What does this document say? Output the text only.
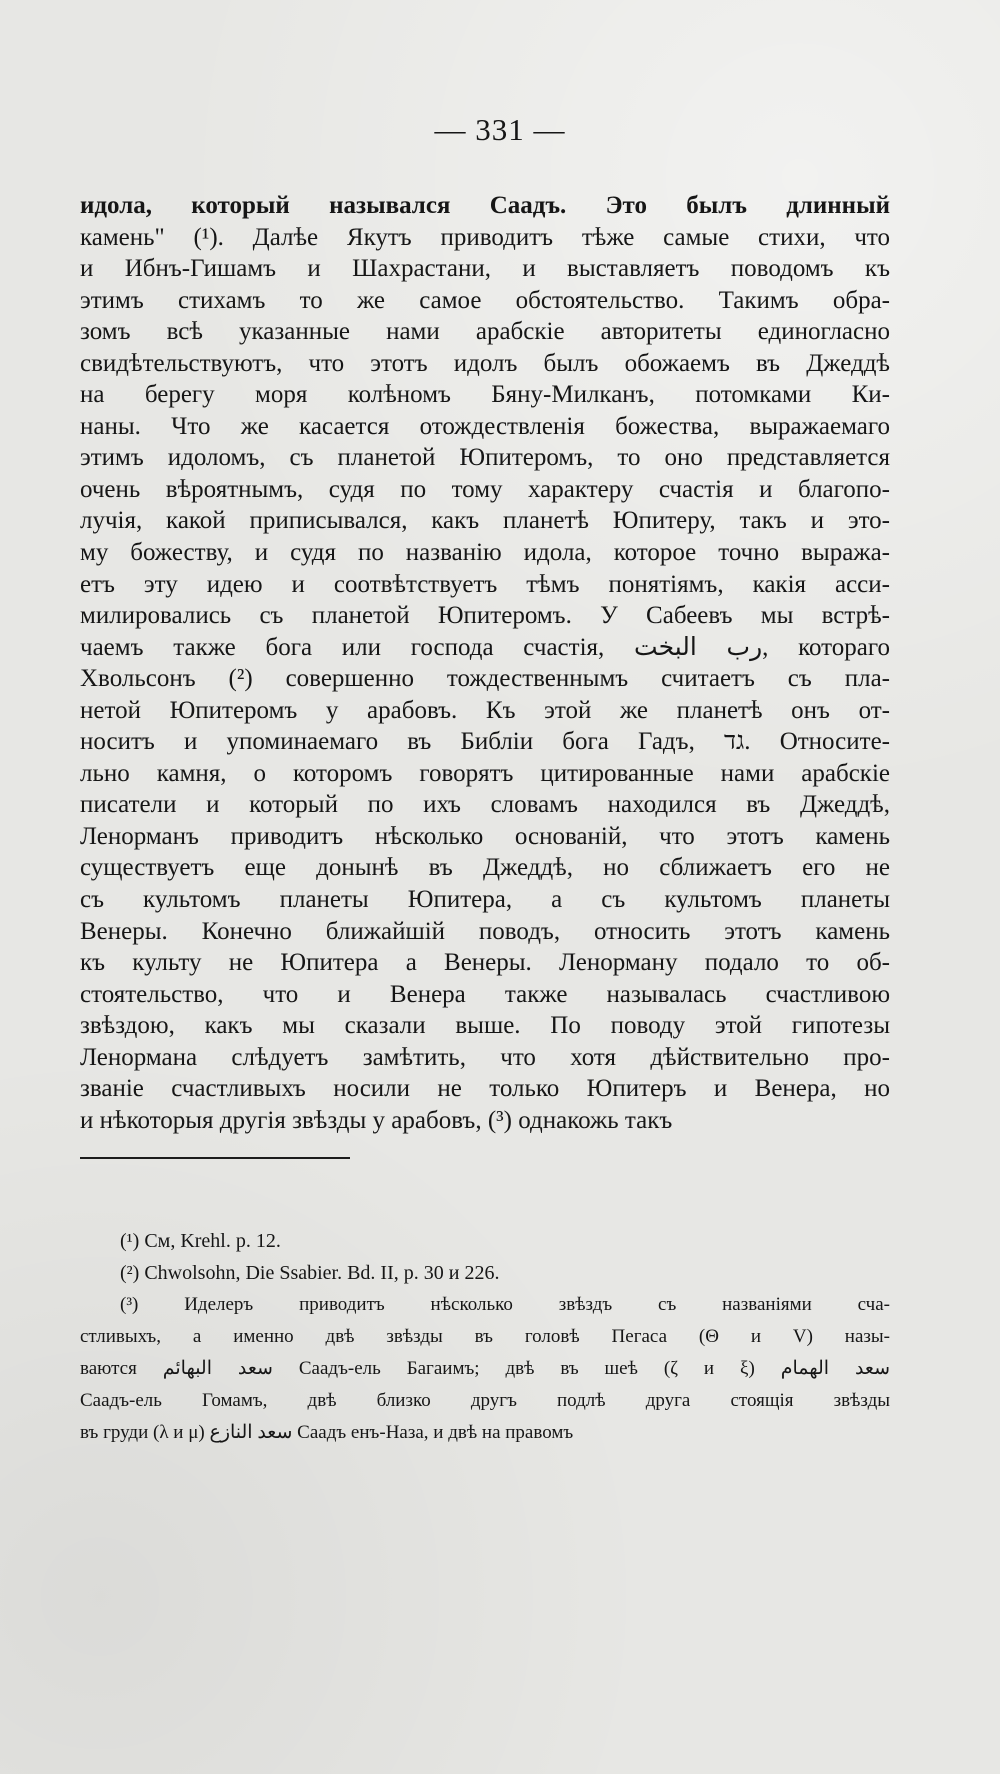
— 331 —
идола, который назывался Саадъ. Это былъ длинный
камень" (¹). Далѣе Якутъ приводитъ тѣже самые стихи, что
и Ибнъ-Гишамъ и Шахрастани, и выставляетъ поводомъ къ
этимъ стихамъ то же самое обстоятельство. Такимъ обра-
зомъ всѣ указанные нами арабскіе авторитеты единогласно
свидѣтельствуютъ, что этотъ идолъ былъ обожаемъ въ Джеддѣ
на берегу моря колѣномъ Бяну-Милканъ, потомками Ки-
наны. Что же касается отождествленія божества, выражаемаго
этимъ идоломъ, съ планетой Юпитеромъ, то оно представляется
очень вѣроятнымъ, судя по тому характеру счастія и благопо-
лучія, какой приписывался, какъ планетѣ Юпитеру, такъ и это-
му божеству, и судя по названію идола, которое точно выража-
етъ эту идею и соотвѣтствуетъ тѣмъ понятіямъ, какія асси-
милировались съ планетой Юпитеромъ. У Сабеевъ мы встрѣ-
чаемъ также бога или господа счастія, رب البخت, котораго
Хвольсонъ (²) совершенно тождественнымъ считаетъ съ пла-
нетой Юпитеромъ у арабовъ. Къ этой же планетѣ онъ от-
носитъ и упоминаемаго въ Библіи бога Гадъ, גד. Относите-
льно камня, о которомъ говорятъ цитированные нами арабскіе
писатели и который по ихъ словамъ находился въ Джеддѣ,
Ленорманъ приводитъ нѣсколько основаній, что этотъ камень
существуетъ еще донынѣ въ Джеддѣ, но сближаетъ его не
съ культомъ планеты Юпитера, а съ культомъ планеты
Венеры. Конечно ближайшій поводъ, относить этотъ камень
къ культу не Юпитера а Венеры. Ленорману подало то об-
стоятельство, что и Венера также называлась счастливою
звѣздою, какъ мы сказали выше. По поводу этой гипотезы
Ленормана слѣдуетъ замѣтить, что хотя дѣйствительно про-
званіе счастливыхъ носили не только Юпитеръ и Венера, но
и нѣкоторыя другія звѣзды у арабовъ, (³) однакожь такъ
(¹) См, Krehl. p. 12.
(²) Chwolsohn, Die Ssabier. Bd. II, p. 30 и 226.
(³) Иделеръ приводитъ нѣсколько звѣздъ съ названіями сча-
стливыхъ, а именно двѣ звѣзды въ головѣ Пегаса (Θ и V) назы-
ваются سعد البهائم Саадъ-ель Багаимъ; двѣ въ шеѣ (ζ и ξ) سعد الهمام
Саадъ-ель Гомамъ, двѣ близко другъ подлѣ друга стоящія звѣзды
въ груди (λ и μ) سعد النازع Саадъ енъ-Наза, и двѣ на правомъ
